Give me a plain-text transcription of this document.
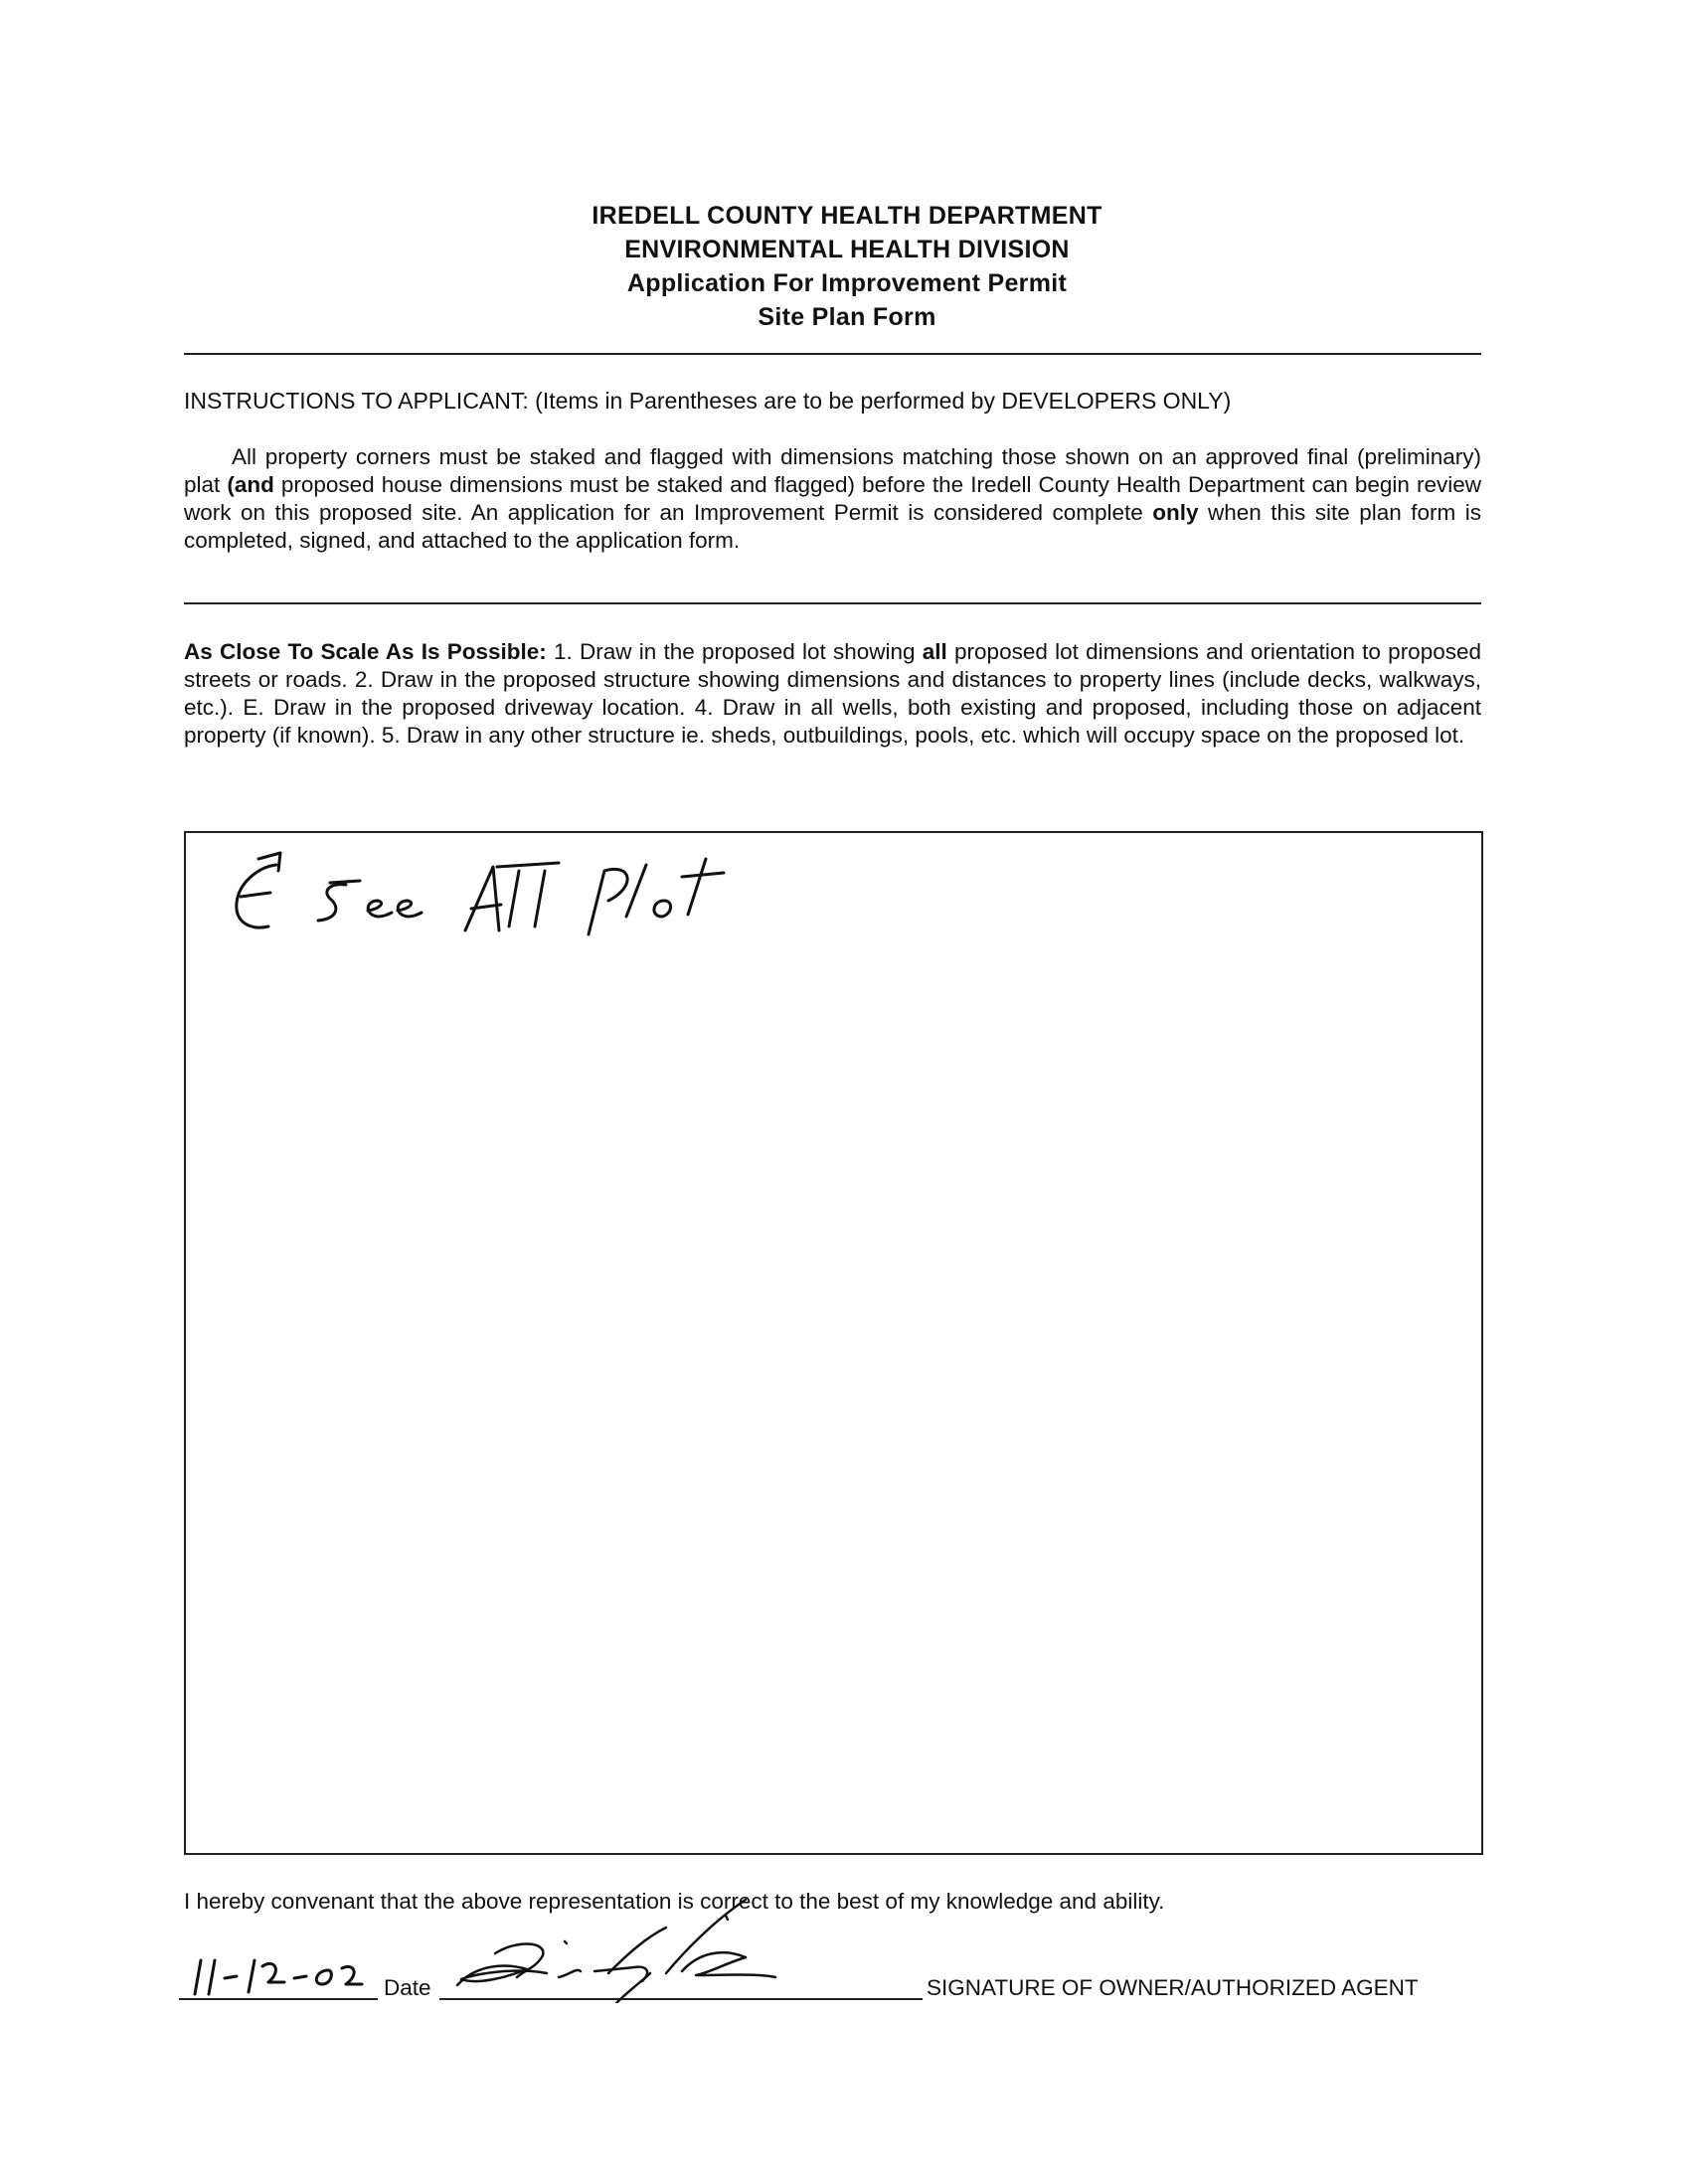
IREDELL COUNTY HEALTH DEPARTMENT
ENVIRONMENTAL HEALTH DIVISION
Application For Improvement Permit
Site Plan Form
INSTRUCTIONS TO APPLICANT: (Items in Parentheses are to be performed by DEVELOPERS ONLY)
All property corners must be staked and flagged with dimensions matching those shown on an approved final (preliminary) plat (and proposed house dimensions must be staked and flagged) before the Iredell County Health Department can begin review work on this proposed site. An application for an Improvement Permit is considered complete only when this site plan form is completed, signed, and attached to the application form.
As Close To Scale As Is Possible: 1. Draw in the proposed lot showing all proposed lot dimensions and orientation to proposed streets or roads. 2. Draw in the proposed structure showing dimensions and distances to property lines (include decks, walkways, etc.). E. Draw in the proposed driveway location. 4. Draw in all wells, both existing and proposed, including those on adjacent property (if known). 5. Draw in any other structure ie. sheds, outbuildings, pools, etc. which will occupy space on the proposed lot.
I hereby convenant that the above representation is correct to the best of my knowledge and ability.
Date	SIGNATURE OF OWNER/AUTHORIZED AGENT
